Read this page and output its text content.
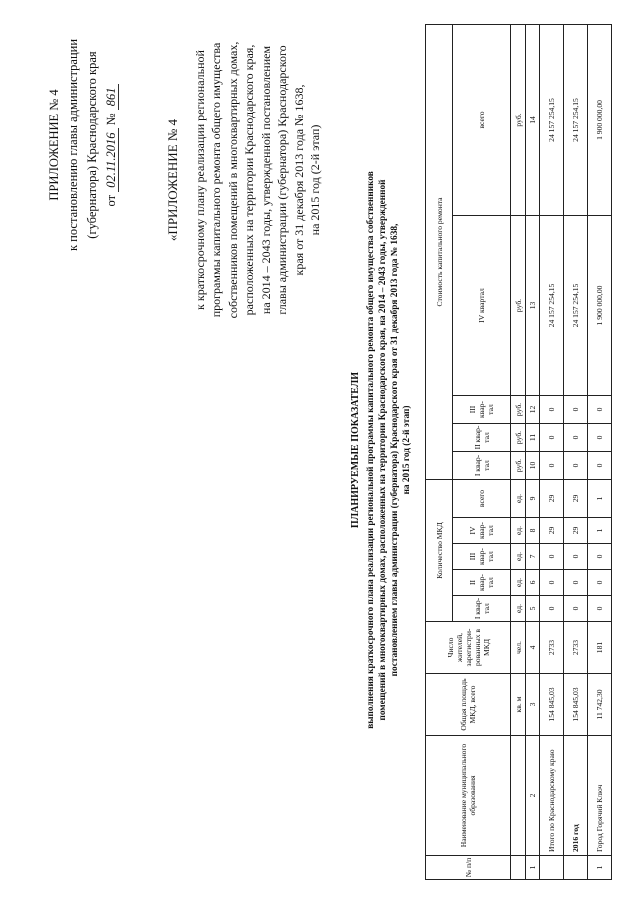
ПРИЛОЖЕНИЕ № 4 к постановлению главы администрации (губернатора) Краснодарского края от 02.11.2016 № 861
«ПРИЛОЖЕНИЕ № 4 к краткосрочному плану реализации региональной программы капитального ремонта общего имущества собственников помещений в многоквартирных домах, расположенных на территории Краснодарского края, на 2014 – 2043 годы, утвержденной постановлением главы администрации (губернатора) Краснодарского края от 31 декабря 2013 года № 1638, на 2015 год (2-й этап)
ПЛАНИРУЕМЫЕ ПОКАЗАТЕЛИ выполнения краткосрочного плана реализации региональной программы капитального ремонта общего имущества собственников помещений в многоквартирных домах, расположенных на территории Краснодарского края, на 2014 – 2043 годы, утвержденной постановлением главы администрации (губернатора) Краснодарского края от 31 декабря 2013 года № 1638, на 2015 год (2-й этап)
№ п/п	Наименование муниципального образования	Общая площадь МКД, всего	Число жителей, зарегистри-рованных в МКД	Количество МКД					Стоимость капитального ремонта				
				I квар-тал	II квар-тал	III квар-тал	IV квар-тал	всего	I квар-тал	II квар-тал	III квар-тал	IV квартал	всего
		кв. м	чел.	ед.	ед.	ед.	ед.	ед.	руб.	руб.	руб.	руб.	руб.
1	2	3	4	5	6	7	8	9	10	11	12	13	14
	Итого по Краснодарскому краю	154 845,03	2733	0	0	0	29	29	0	0	0	24 157 254,15	24 157 254,15
	2016 год	154 845,03	2733	0	0	0	29	29	0	0	0	24 157 254,15	24 157 254,15
1	Город Горячий Ключ	11 742,30	181	0	0	0	1	1	0	0	0	1 900 000,00	1 900 000,00
